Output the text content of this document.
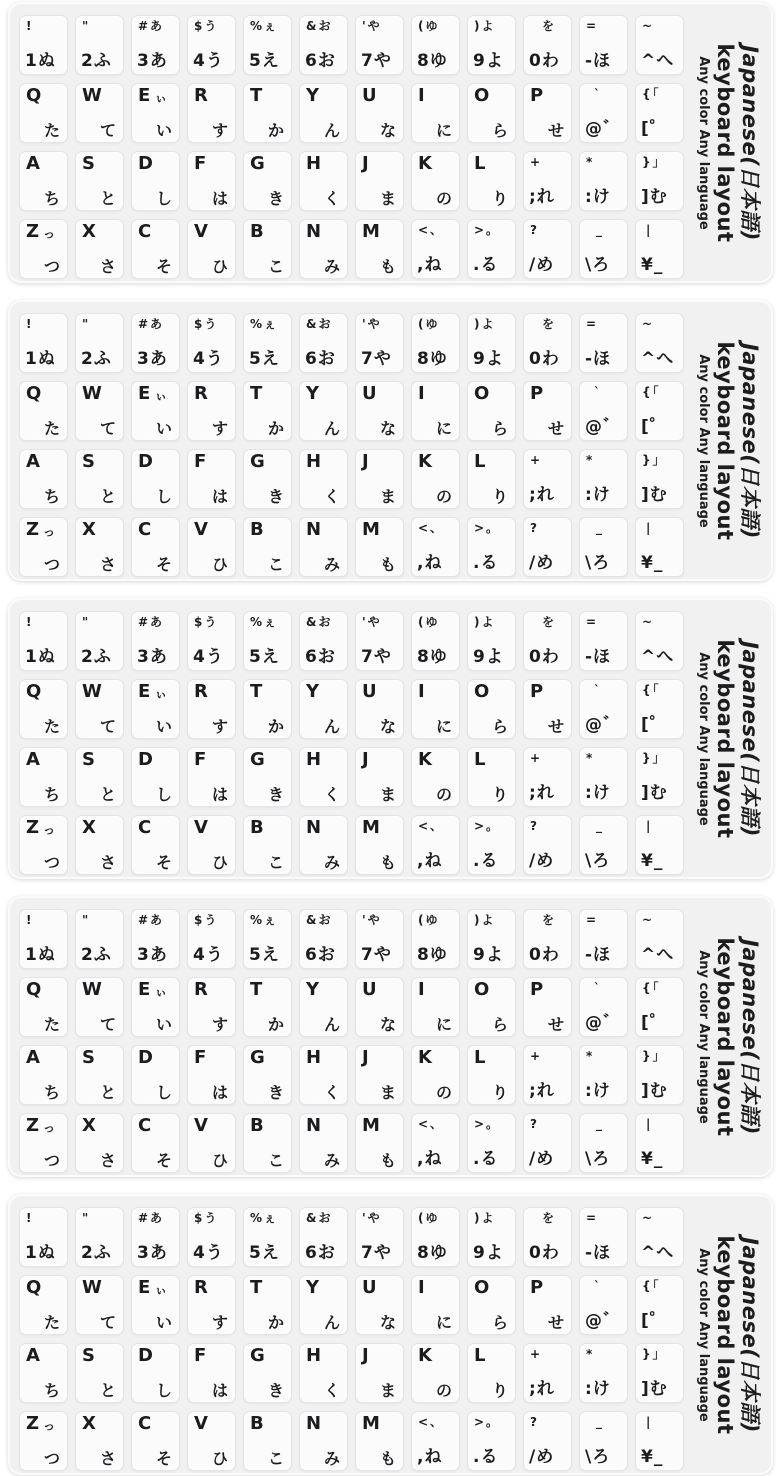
!
1ぬ
"
2ふ
#あ
3あ
$う
4う
%ぇ
5え
&お
6お
'や
7や
(ゆ
8ゆ
)よ
9よ
を
0わ
=
-ほ
~
^へ
Q
た
W
て
E ぃ
い
R
す
T
か
Y
ん
U
な
I
に
O
ら
P
せ
`
@゛
{「
[゜
A
ち
S
と
D
し
F
は
G
き
H
く
J
ま
K
の
L
り
+
;れ
*
:け
}」
]む
Z っ
つ
X
さ
C
そ
V
ひ
B
こ
N
み
M
も
<、
,ね
>。
.る
?
/め
_
\ろ
|
¥_
Japanese(日本語)
keyboard layout
Any color Any language
!
1ぬ
"
2ふ
#あ
3あ
$う
4う
%ぇ
5え
&お
6お
'や
7や
(ゆ
8ゆ
)よ
9よ
を
0わ
=
-ほ
~
^へ
Q
た
W
て
E ぃ
い
R
す
T
か
Y
ん
U
な
I
に
O
ら
P
せ
`
@゛
{「
[゜
A
ち
S
と
D
し
F
は
G
き
H
く
J
ま
K
の
L
り
+
;れ
*
:け
}」
]む
Z っ
つ
X
さ
C
そ
V
ひ
B
こ
N
み
M
も
<、
,ね
>。
.る
?
/め
_
\ろ
|
¥_
Japanese(日本語)
keyboard layout
Any color Any language
!
1ぬ
"
2ふ
#あ
3あ
$う
4う
%ぇ
5え
&お
6お
'や
7や
(ゆ
8ゆ
)よ
9よ
を
0わ
=
-ほ
~
^へ
Q
た
W
て
E ぃ
い
R
す
T
か
Y
ん
U
な
I
に
O
ら
P
せ
`
@゛
{「
[゜
A
ち
S
と
D
し
F
は
G
き
H
く
J
ま
K
の
L
り
+
;れ
*
:け
}」
]む
Z っ
つ
X
さ
C
そ
V
ひ
B
こ
N
み
M
も
<、
,ね
>。
.る
?
/め
_
\ろ
|
¥_
Japanese(日本語)
keyboard layout
Any color Any language
!
1ぬ
"
2ふ
#あ
3あ
$う
4う
%ぇ
5え
&お
6お
'や
7や
(ゆ
8ゆ
)よ
9よ
を
0わ
=
-ほ
~
^へ
Q
た
W
て
E ぃ
い
R
す
T
か
Y
ん
U
な
I
に
O
ら
P
せ
`
@゛
{「
[゜
A
ち
S
と
D
し
F
は
G
き
H
く
J
ま
K
の
L
り
+
;れ
*
:け
}」
]む
Z っ
つ
X
さ
C
そ
V
ひ
B
こ
N
み
M
も
<、
,ね
>。
.る
?
/め
_
\ろ
|
¥_
Japanese(日本語)
keyboard layout
Any color Any language
!
1ぬ
"
2ふ
#あ
3あ
$う
4う
%ぇ
5え
&お
6お
'や
7や
(ゆ
8ゆ
)よ
9よ
を
0わ
=
-ほ
~
^へ
Q
た
W
て
E ぃ
い
R
す
T
か
Y
ん
U
な
I
に
O
ら
P
せ
`
@゛
{「
[゜
A
ち
S
と
D
し
F
は
G
き
H
く
J
ま
K
の
L
り
+
;れ
*
:け
}」
]む
Z っ
つ
X
さ
C
そ
V
ひ
B
こ
N
み
M
も
<、
,ね
>。
.る
?
/め
_
\ろ
|
¥_
Japanese(日本語)
keyboard layout
Any color Any language
